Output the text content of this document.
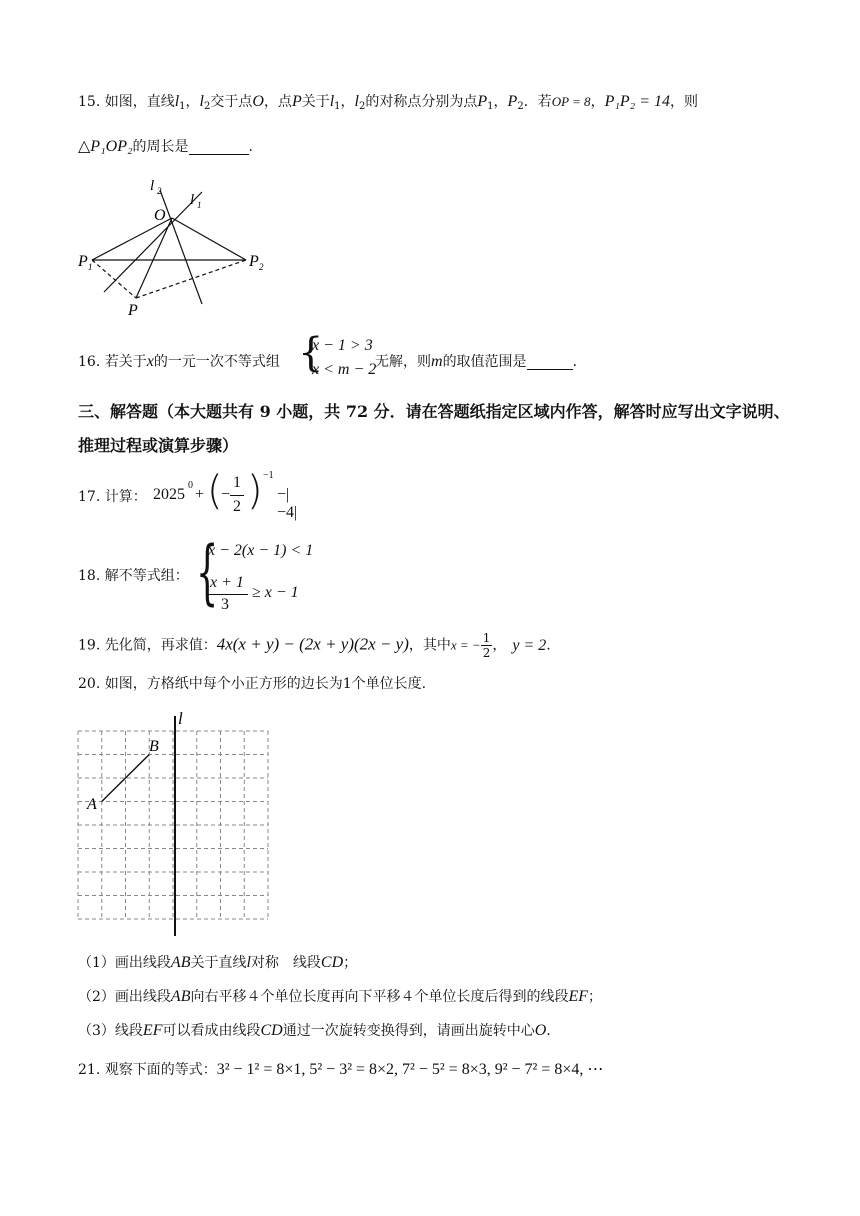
15. 如图，直线$l_1$，$l_2$交于点O，点P关于$l_1$，$l_2$的对称点分别为点$P_1$，$P_2$．若OP = 8，P₁P₂ = 14，则
△P₁OP₂的周长是	.
l 2
l 1
O
P 1	P 2
P
16. 若关于x的一元一次不等式组 {
x − 1 > 3
x < m − 2
无解，则m的取值范围是	.
三、解答题（本大题共有 9 小题，共 72 分．请在答题纸指定区域内作答，解答时应写出文字说明、推理过程或演算步骤）
17. 计算： 2025
0
+ (
−
1
2 ) −1
−|−4|
18. 解不等式组： {
x − 2(x − 1) < 1
x + 1
3
≥ x − 1
19. 先化简，再求值：4x(x + y) − (2x + y)(2x − y)，其中x = − $\frac{1}{2}$ ， y = 2.
20. 如图，方格纸中每个小正方形的边长为1个单位长度.
l
A
B
（1）画出线段AB关于直线l对称　线段CD；
（2）画出线段AB向右平移４个单位长度再向下平移４个单位长度后得到的线段EF；
（3）线段EF可以看成由线段CD通过一次旋转变换得到，请画出旋转中心O.
21. 观察下面的等式：3² − 1² = 8×1, 5² − 3² = 8×2, 7² − 5² = 8×3, 9² − 7² = 8×4, ⋯
